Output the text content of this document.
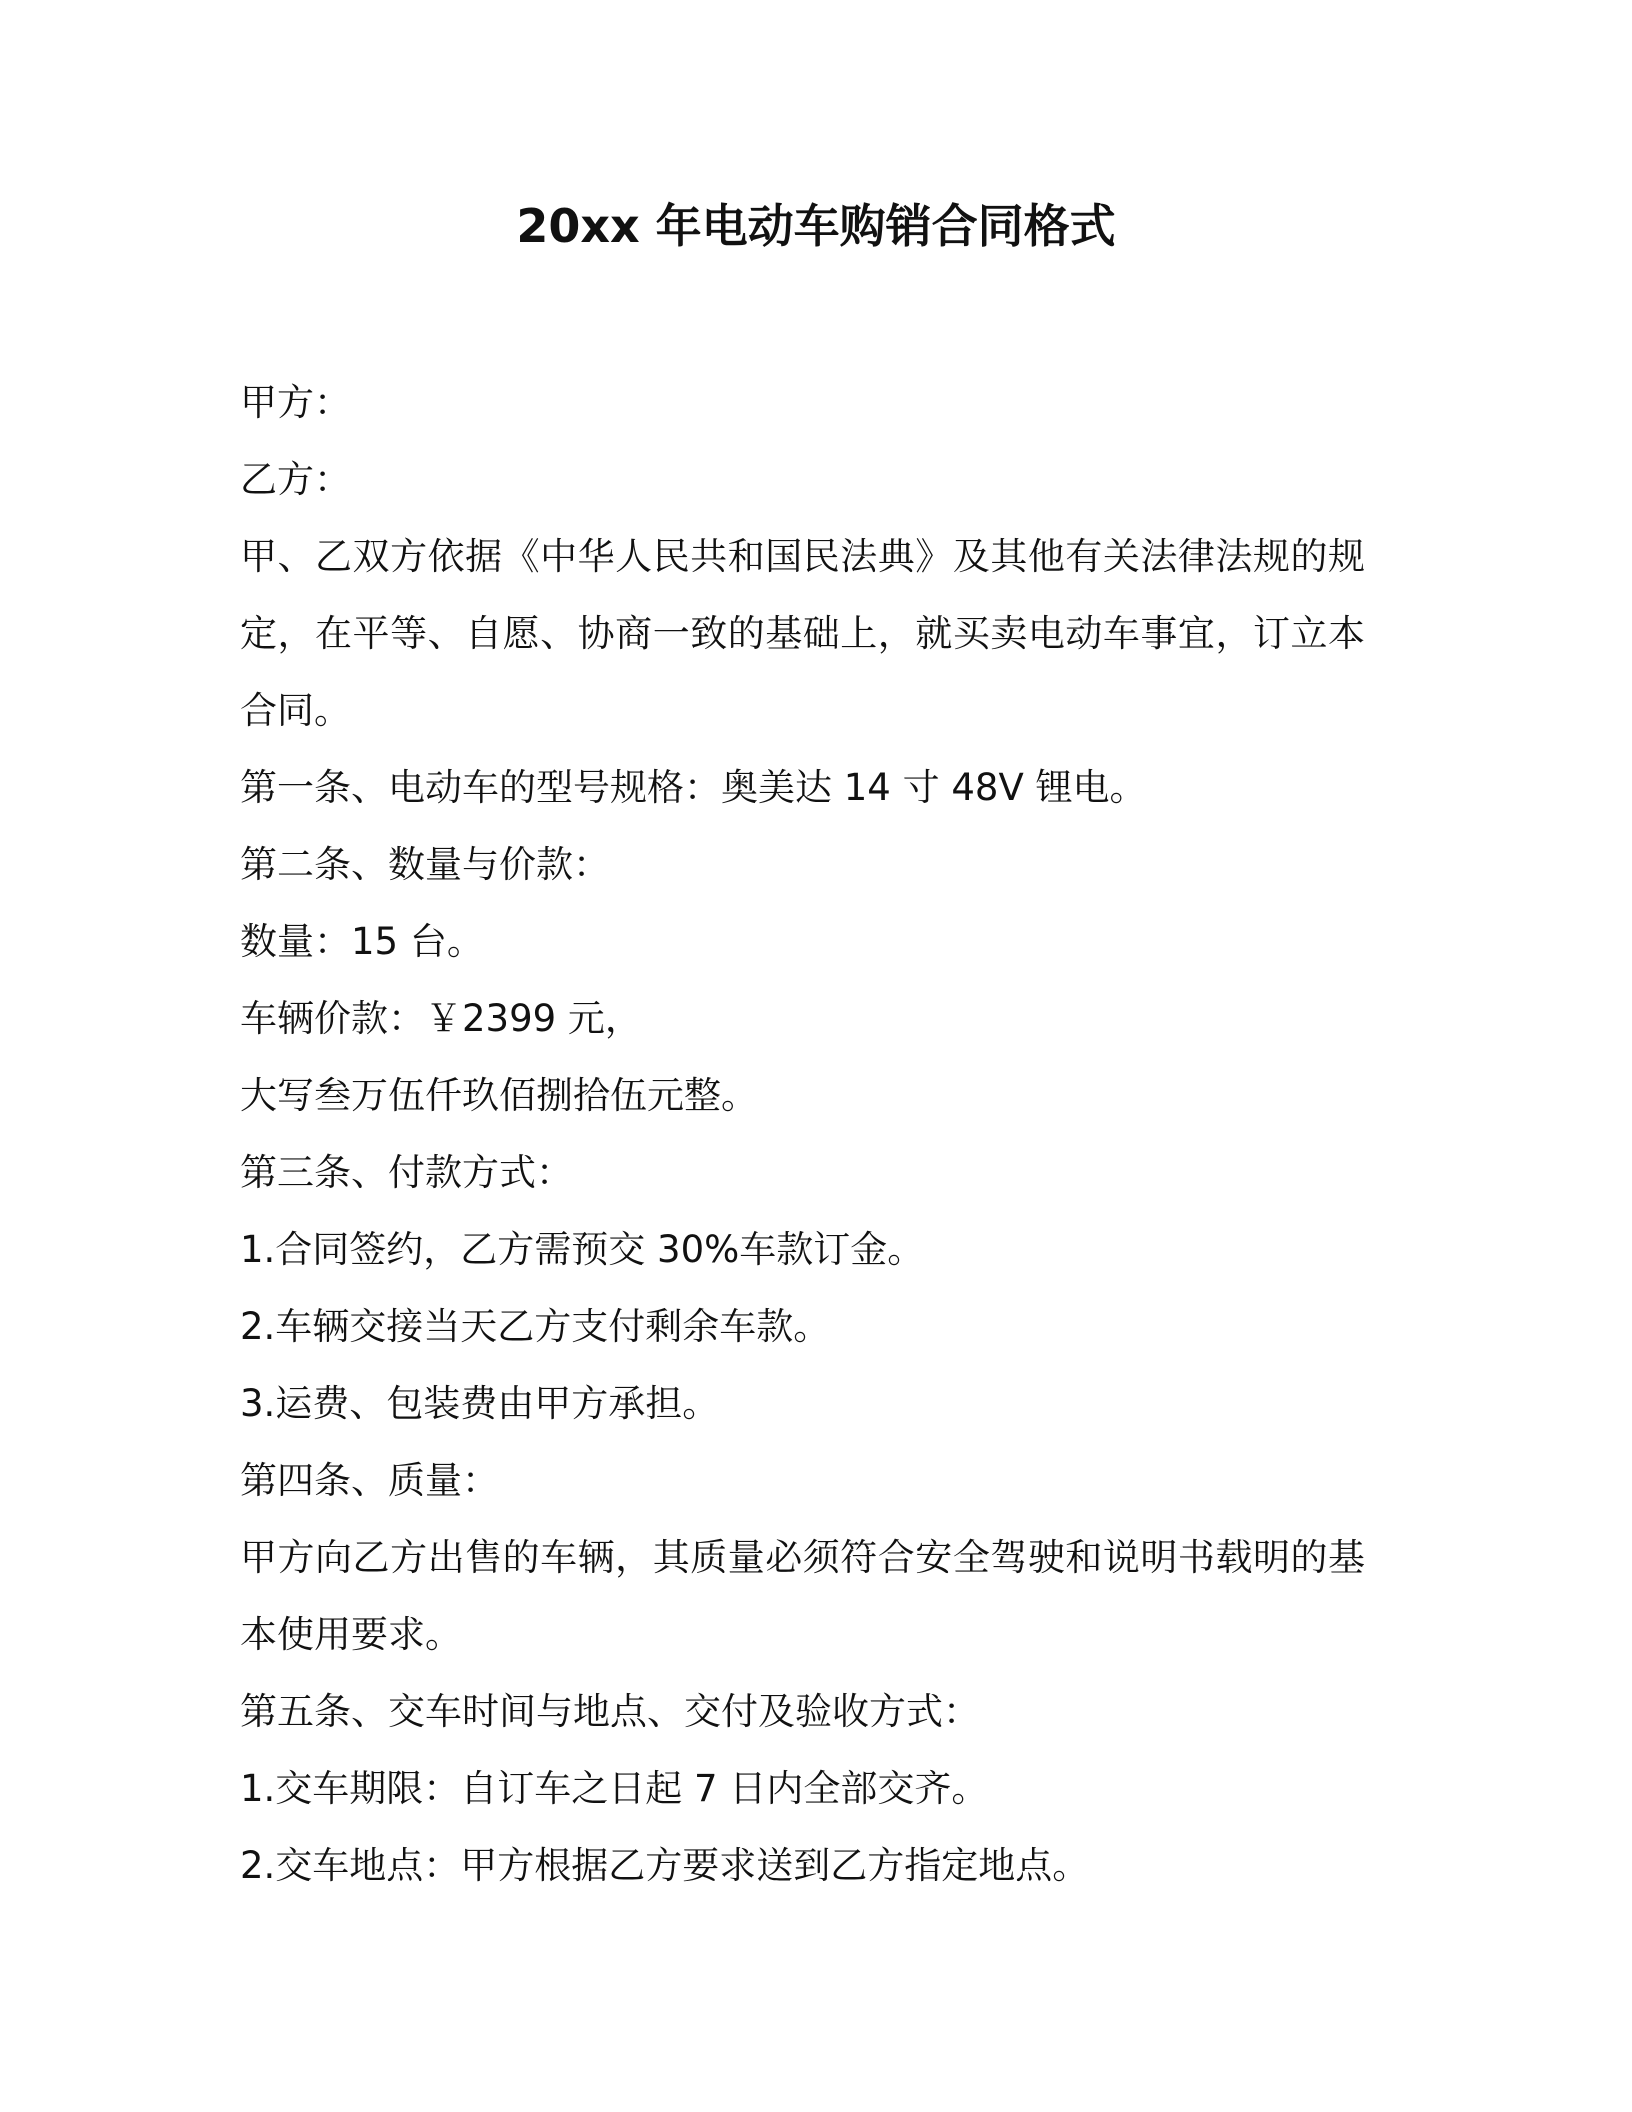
20xx 年电动车购销合同格式

甲方：

乙方：

甲、乙双方依据《中华人民共和国民法典》及其他有关法律法规的规定，在平等、自愿、协商一致的基础上，就买卖电动车事宜，订立本合同。

第一条、电动车的型号规格：奥美达 14 寸 48V 锂电。

第二条、数量与价款：

数量：15 台。

车辆价款：￥2399 元，

大写叁万伍仟玖佰捌拾伍元整。

第三条、付款方式：

1.合同签约，乙方需预交 30%车款订金。

2.车辆交接当天乙方支付剩余车款。

3.运费、包装费由甲方承担。

第四条、质量：

甲方向乙方出售的车辆，其质量必须符合安全驾驶和说明书载明的基本使用要求。

第五条、交车时间与地点、交付及验收方式：

1.交车期限：自订车之日起 7 日内全部交齐。

2.交车地点：甲方根据乙方要求送到乙方指定地点。
